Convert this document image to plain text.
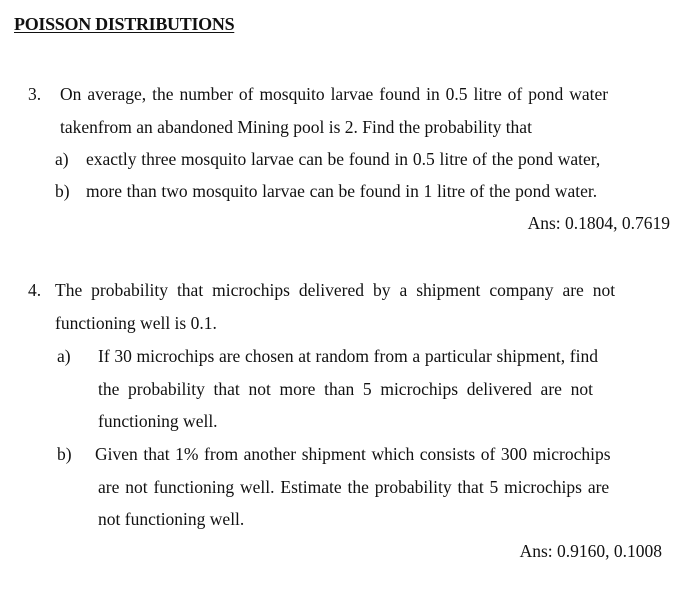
POISSON DISTRIBUTIONS
3. On average, the number of mosquito larvae found in 0.5 litre of pond water
takenfrom an abandoned Mining pool is 2. Find the probability that
a) exactly three mosquito larvae can be found in 0.5 litre of the pond water,
b) more than two mosquito larvae can be found in 1 litre of the pond water.
Ans: 0.1804, 0.7619
4. The probability that microchips delivered by a shipment company are not
functioning well is 0.1.
a) If 30 microchips are chosen at random from a particular shipment, find
the probability that not more than 5 microchips delivered are not
functioning well.
b) Given that 1% from another shipment which consists of 300 microchips
are not functioning well. Estimate the probability that 5 microchips are
not functioning well.
Ans: 0.9160, 0.1008
